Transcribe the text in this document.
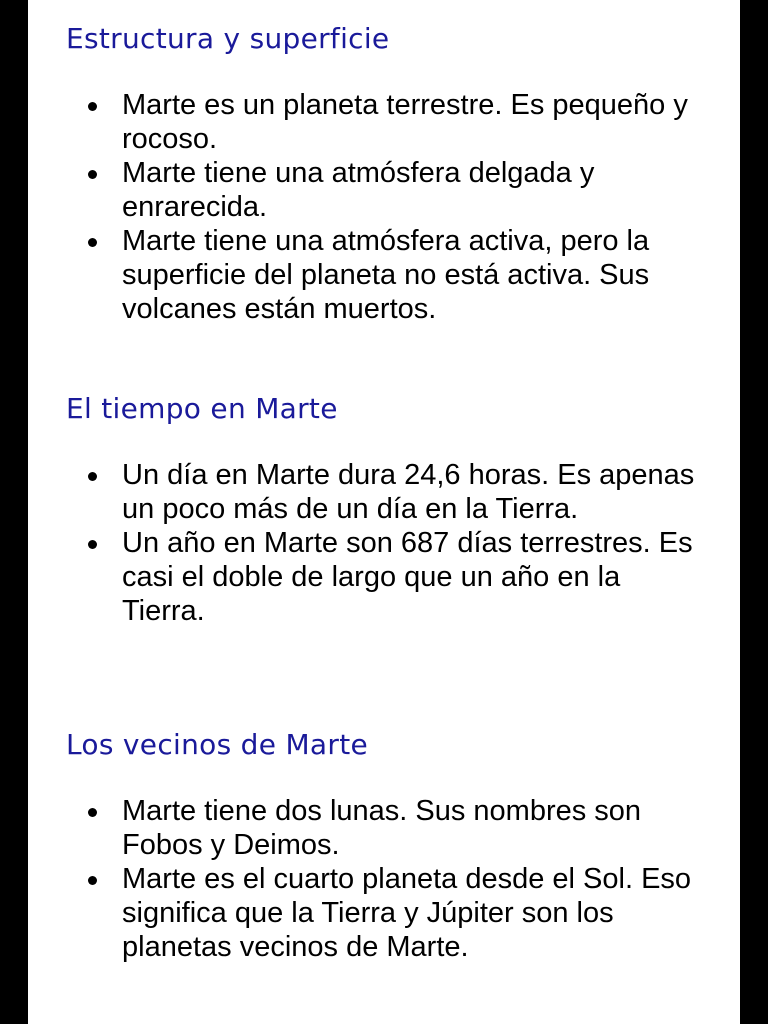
Estructura y superficie
Marte es un planeta terrestre. Es pequeño y rocoso.
Marte tiene una atmósfera delgada y enrarecida.
Marte tiene una atmósfera activa, pero la superficie del planeta no está activa. Sus volcanes están muertos.
El tiempo en Marte
Un día en Marte dura 24,6 horas. Es apenas un poco más de un día en la Tierra.
Un año en Marte son 687 días terrestres. Es casi el doble de largo que un año en la Tierra.
Los vecinos de Marte
Marte tiene dos lunas. Sus nombres son Fobos y Deimos.
Marte es el cuarto planeta desde el Sol. Eso significa que la Tierra y Júpiter son los planetas vecinos de Marte.
